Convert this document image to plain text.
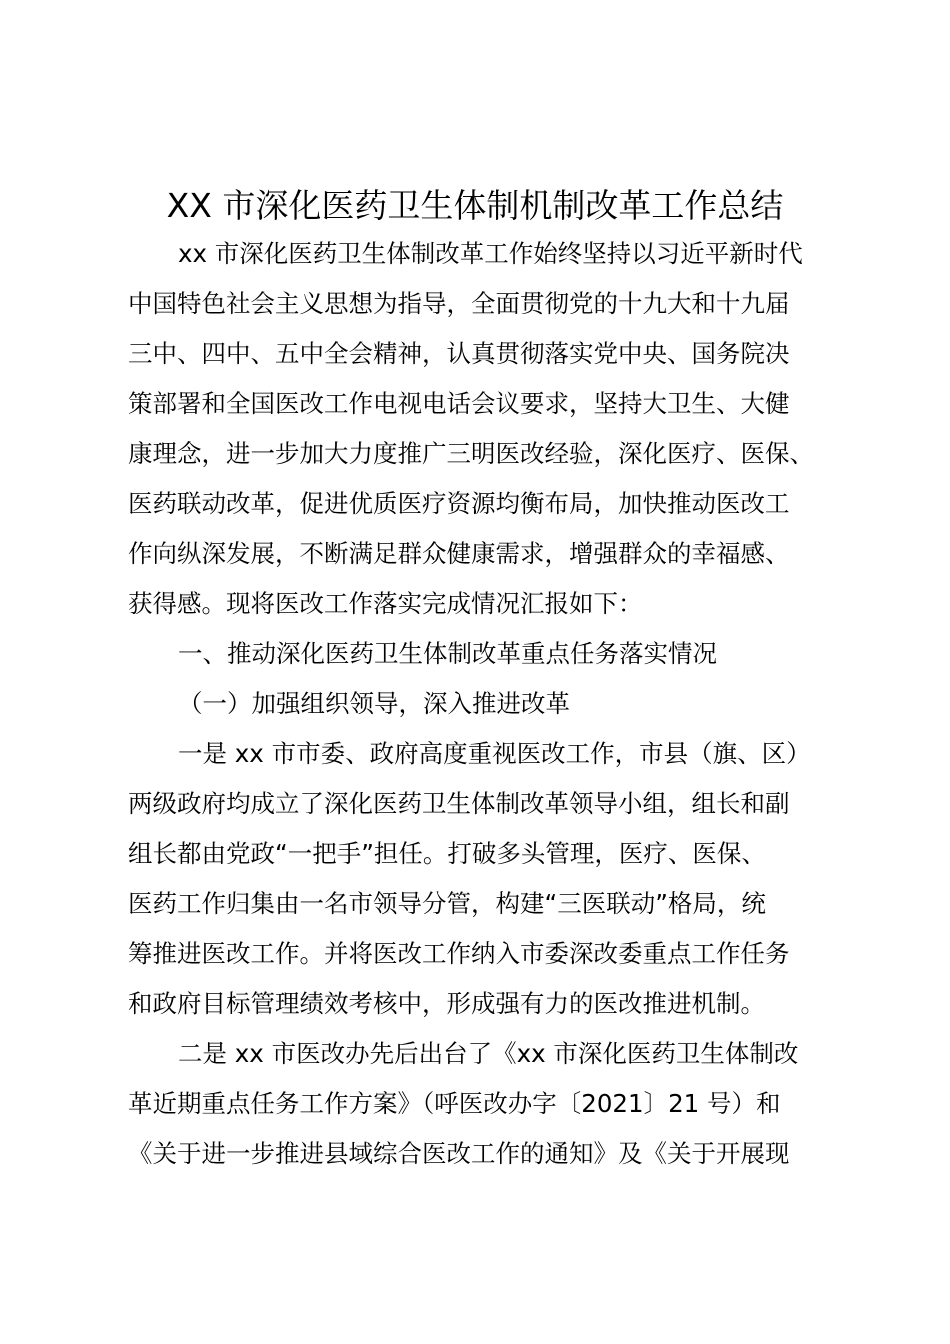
XX 市深化医药卫生体制机制改革工作总结
xx 市深化医药卫生体制改革工作始终坚持以习近平新时代
中国特色社会主义思想为指导，全面贯彻党的十九大和十九届
三中、四中、五中全会精神，认真贯彻落实党中央、国务院决
策部署和全国医改工作电视电话会议要求，坚持大卫生、大健
康理念，进一步加大力度推广三明医改经验，深化医疗、医保、
医药联动改革，促进优质医疗资源均衡布局，加快推动医改工
作向纵深发展，不断满足群众健康需求，增强群众的幸福感、
获得感。现将医改工作落实完成情况汇报如下：
一、推动深化医药卫生体制改革重点任务落实情况
（一）加强组织领导，深入推进改革
一是 xx 市市委、政府高度重视医改工作，市县（旗、区）
两级政府均成立了深化医药卫生体制改革领导小组，组长和副
组长都由党政“一把手”担任。打破多头管理，医疗、医保、
医药工作归集由一名市领导分管，构建“三医联动”格局，统
筹推进医改工作。并将医改工作纳入市委深改委重点工作任务
和政府目标管理绩效考核中，形成强有力的医改推进机制。
二是 xx 市医改办先后出台了《xx 市深化医药卫生体制改
革近期重点任务工作方案》（呼医改办字〔2021〕21 号）和
《关于进一步推进县域综合医改工作的通知》及《关于开展现
